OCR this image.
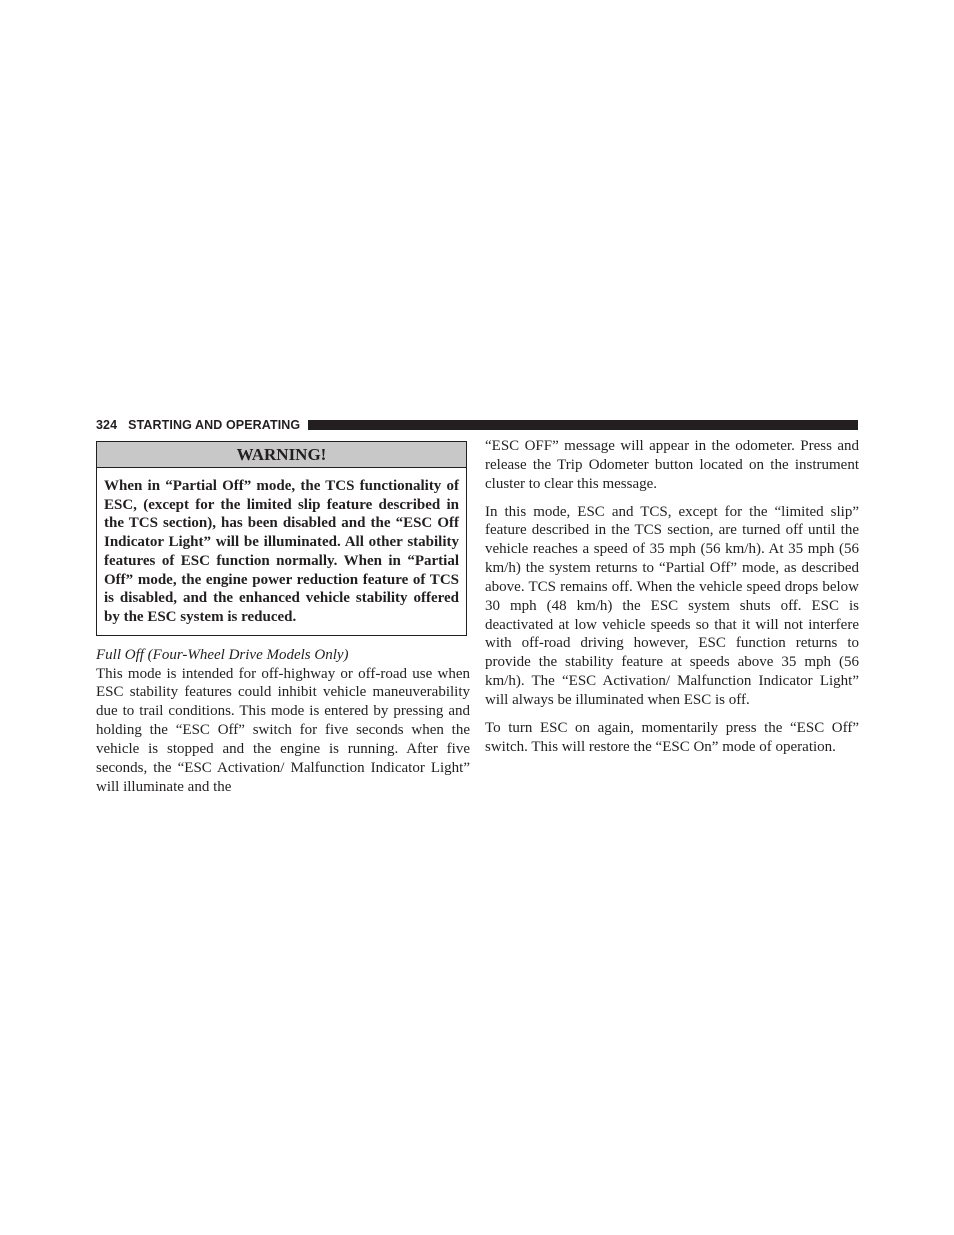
324 STARTING AND OPERATING
WARNING!
When in “Partial Off” mode, the TCS functionality of ESC, (except for the limited slip feature described in the TCS section), has been disabled and the “ESC Off Indicator Light” will be illuminated. All other stability features of ESC function normally. When in “Partial Off” mode, the engine power reduction feature of TCS is disabled, and the enhanced vehicle stability offered by the ESC system is reduced.
Full Off (Four-Wheel Drive Models Only)

This mode is intended for off-highway or off-road use when ESC stability features could inhibit vehicle maneuverability due to trail conditions. This mode is entered by pressing and holding the “ESC Off” switch for five seconds when the vehicle is stopped and the engine is running. After five seconds, the “ESC Activation/ Malfunction Indicator Light” will illuminate and the

“ESC OFF” message will appear in the odometer. Press and release the Trip Odometer button located on the instrument cluster to clear this message.

In this mode, ESC and TCS, except for the “limited slip” feature described in the TCS section, are turned off until the vehicle reaches a speed of 35 mph (56 km/h). At 35 mph (56 km/h) the system returns to “Partial Off” mode, as described above. TCS remains off. When the vehicle speed drops below 30 mph (48 km/h) the ESC system shuts off. ESC is deactivated at low vehicle speeds so that it will not interfere with off-road driving however, ESC function returns to provide the stability feature at speeds above 35 mph (56 km/h). The “ESC Activation/ Malfunction Indicator Light” will always be illuminated when ESC is off.

To turn ESC on again, momentarily press the “ESC Off” switch. This will restore the “ESC On” mode of operation.
